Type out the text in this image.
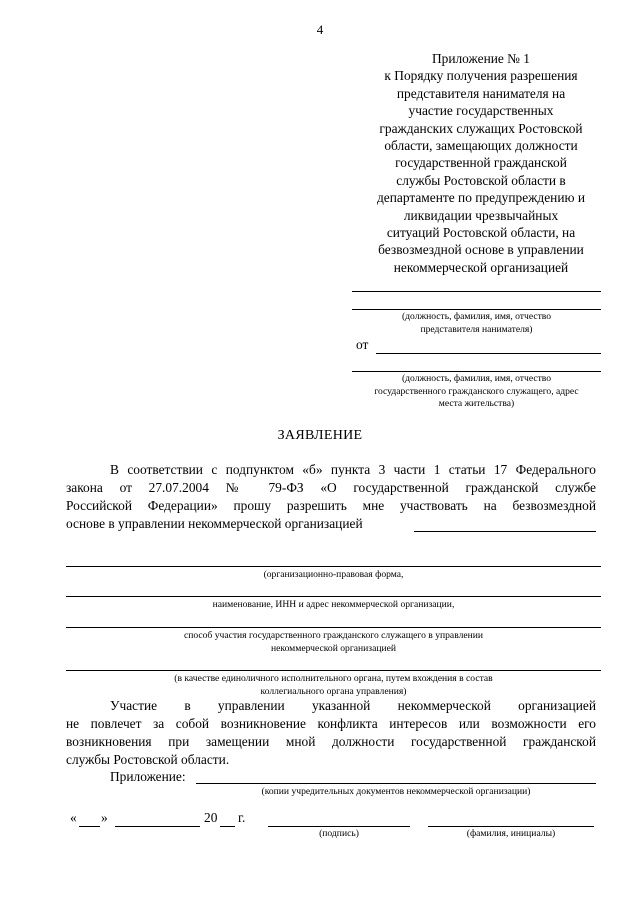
4
Приложение № 1
к Порядку получения разрешения
представителя нанимателя на
участие государственных
гражданских служащих Ростовской
области, замещающих должности
государственной гражданской
службы Ростовской области в
департаменте по предупреждению и
ликвидации чрезвычайных
ситуаций Ростовской области, на
безвозмездной основе в управлении
некоммерческой организацией
(должность, фамилия, имя, отчество
представителя нанимателя)
от
(должность, фамилия, имя, отчество
государственного гражданского служащего, адрес
места жительства)
ЗАЯВЛЕНИЕ
В соответствии с подпунктом «б» пункта 3 части 1 статьи 17 Федерального
закона от 27.07.2004 № 79-ФЗ «О государственной гражданской службе
Российской Федерации» прошу разрешить мне участвовать на безвозмездной
основе в управлении некоммерческой организацией
(организационно-правовая форма,
наименование, ИНН и адрес некоммерческой организации,
способ участия государственного гражданского служащего в управлении
некоммерческой организацией
(в качестве единоличного исполнительного органа, путем вхождения в состав
коллегиального органа управления)
Участие в управлении указанной некоммерческой организацией
не повлечет за собой возникновение конфликта интересов или возможности его
возникновения при замещении мной должности государственной гражданской
службы Ростовской области.
Приложение:
(копии учредительных документов некоммерческой организации)
« »	20 г.
(подпись)	(фамилия, инициалы)
